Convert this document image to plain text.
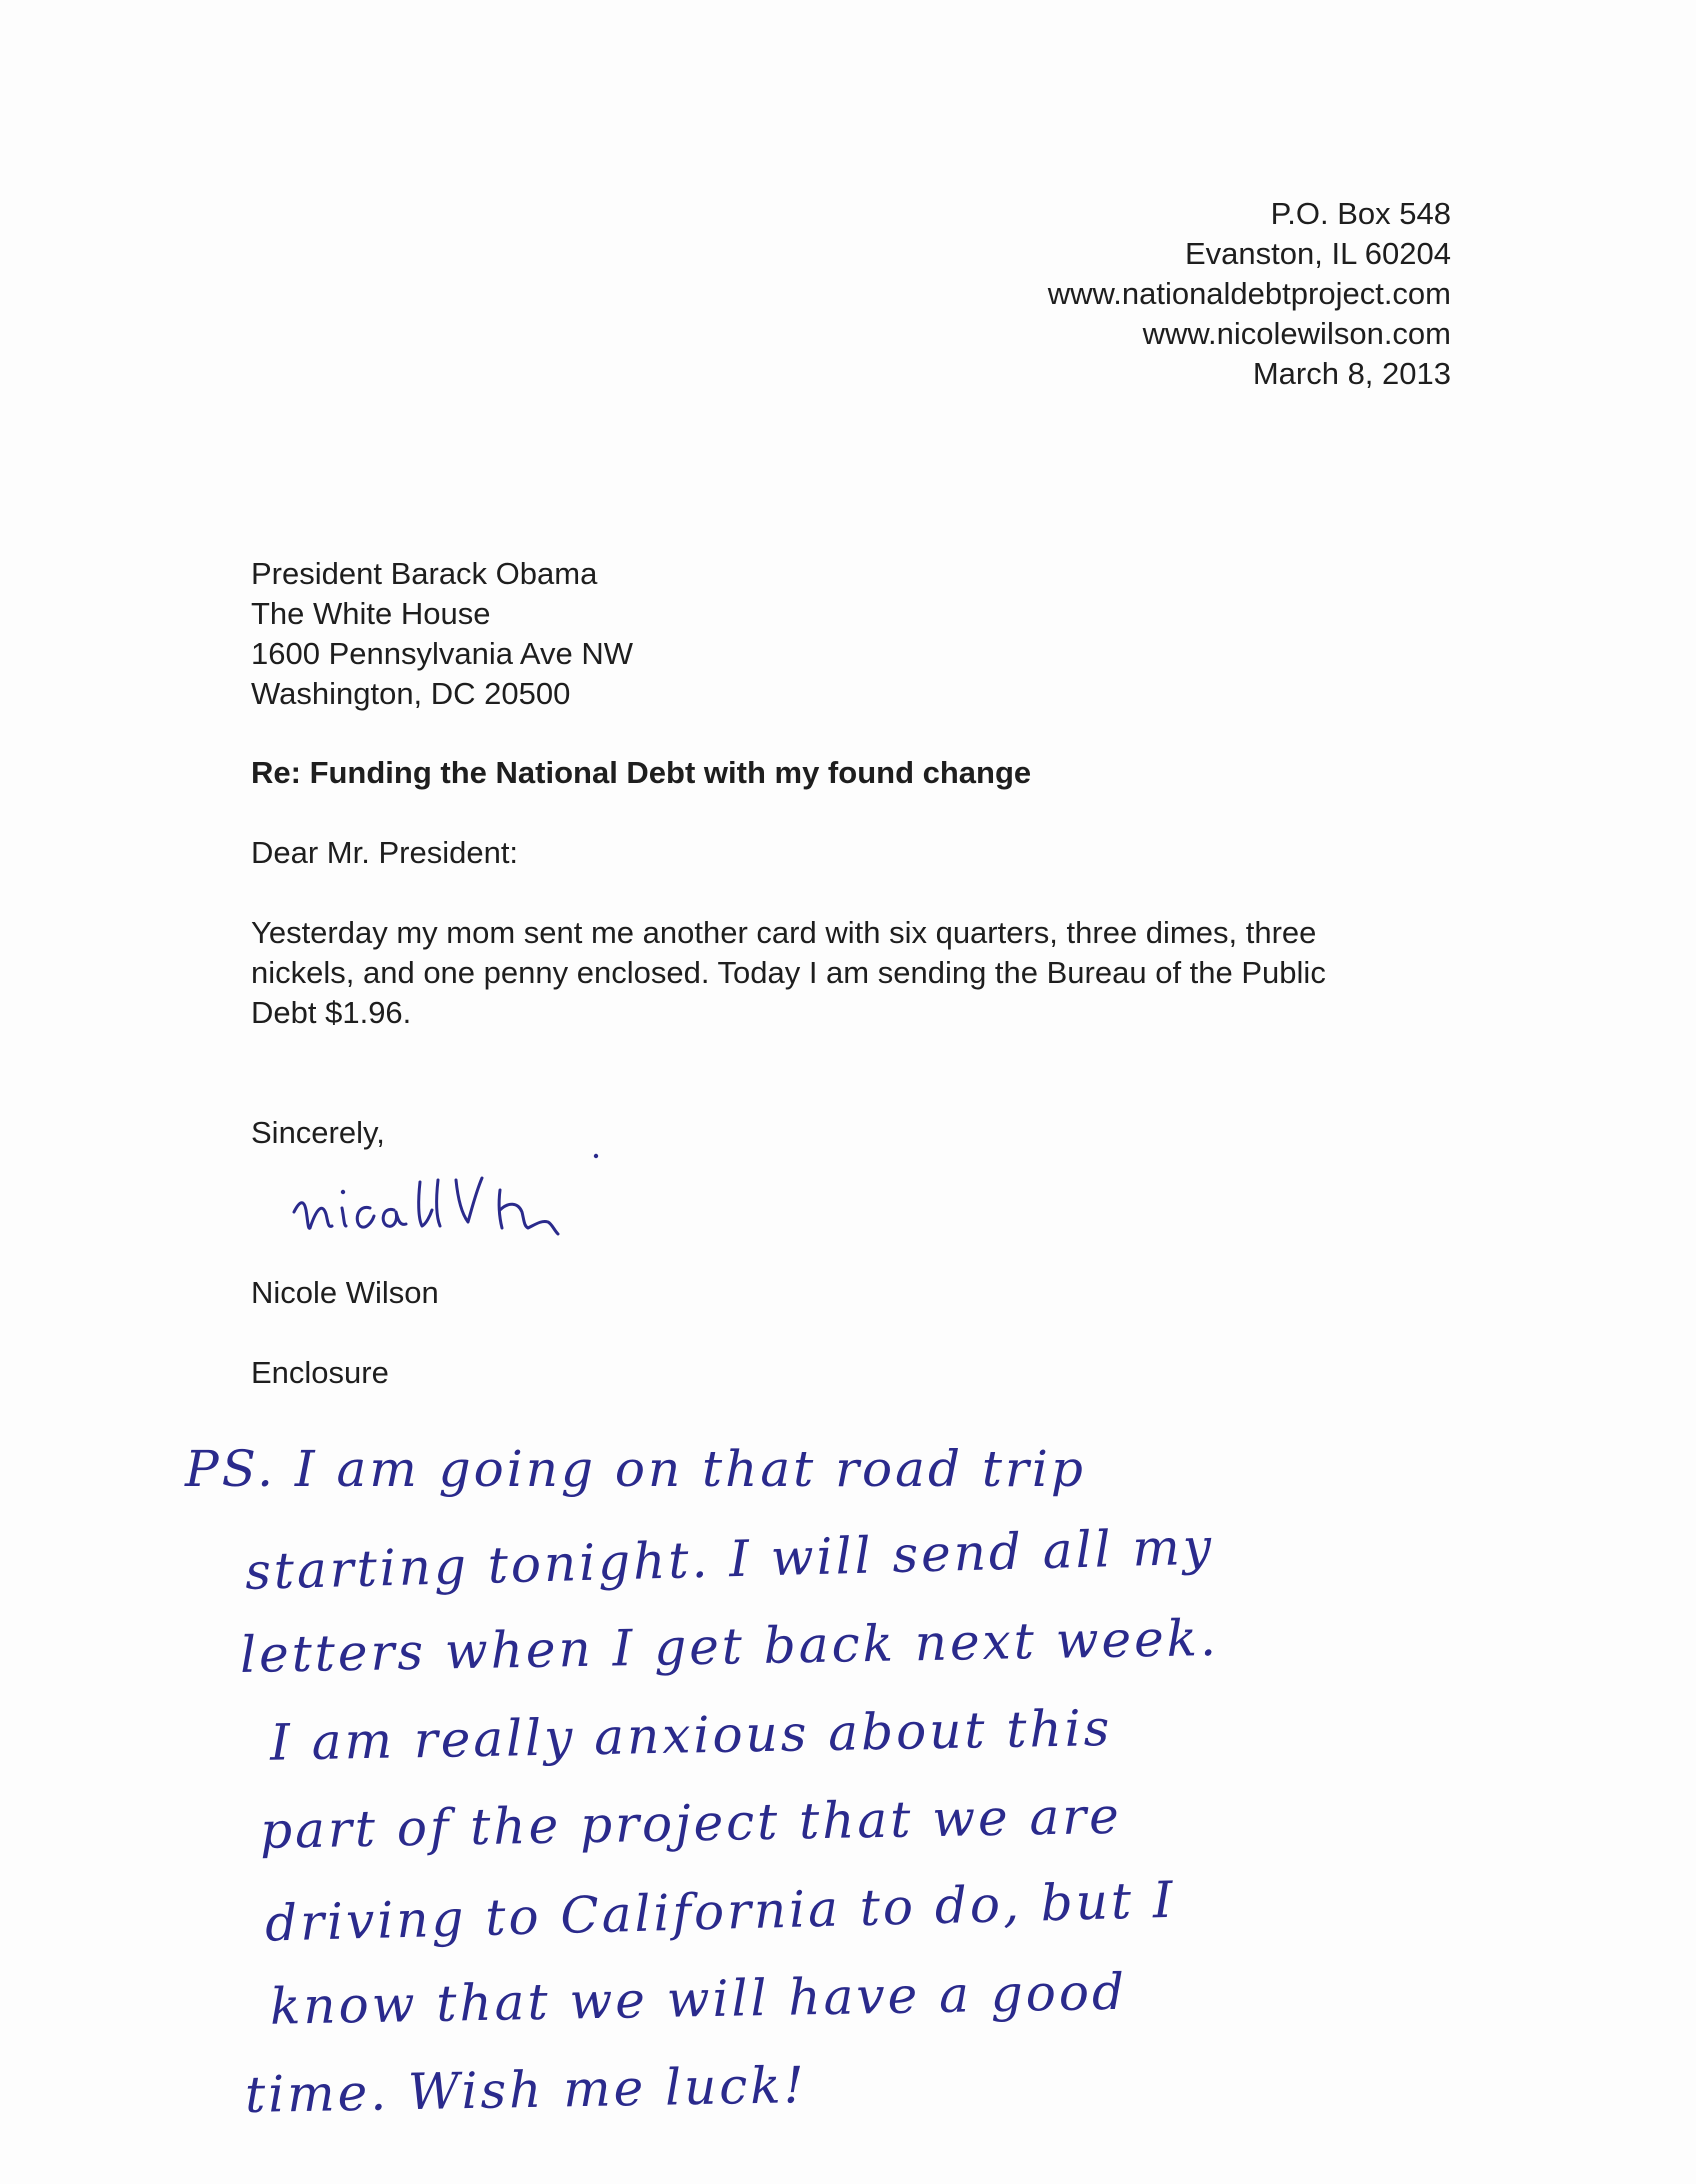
P.O. Box 548
Evanston, IL 60204
www.nationaldebtproject.com
www.nicolewilson.com
March 8, 2013
President Barack Obama
The White House
1600 Pennsylvania Ave NW
Washington, DC 20500
Re: Funding the National Debt with my found change
Dear Mr. President:
Yesterday my mom sent me another card with six quarters, three dimes, three
nickels, and one penny enclosed. Today I am sending the Bureau of the Public
Debt $1.96.
Sincerely,
Nicole Wilson
Enclosure
PS. I am going on that road trip
starting tonight. I will send all my
letters when I get back next week.
I am really anxious about this
part of the project that we are
driving to California to do, but I
know that we will have a good
time. Wish me luck!
